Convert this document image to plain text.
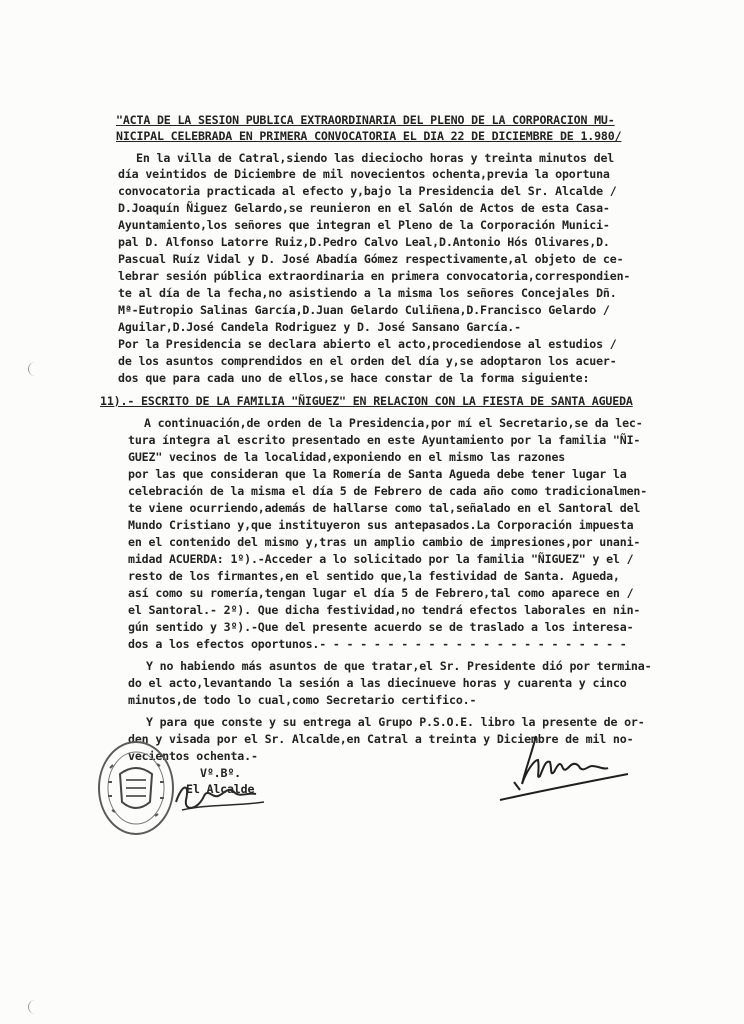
"ACTA DE LA SESION PUBLICA EXTRAORDINARIA DEL PLENO DE LA CORPORACION MU-
NICIPAL CELEBRADA EN PRIMERA CONVOCATORIA EL DIA 22 DE DICIEMBRE DE 1.980/
En la villa de Catral,siendo las dieciocho horas y treinta minutos del
día veintidos de Diciembre de mil novecientos ochenta,previa la oportuna
convocatoria practicada al efecto y,bajo la Presidencia del Sr. Alcalde /
D.Joaquín Ñiguez Gelardo,se reunieron en el Salón de Actos de esta Casa-
Ayuntamiento,los señores que integran el Pleno de la Corporación Munici-
pal D. Alfonso Latorre Ruiz,D.Pedro Calvo Leal,D.Antonio Hós Olivares,D.
Pascual Ruíz Vidal y D. José Abadía Gómez respectivamente,al objeto de ce-
lebrar sesión pública extraordinaria en primera convocatoria,correspondien-
te al día de la fecha,no asistiendo a la misma los señores Concejales Dñ.
Mª-Eutropio Salinas García,D.Juan Gelardo Culiñena,D.Francisco Gelardo /
Aguilar,D.José Candela Rodriguez y D. José Sansano García.-
Por la Presidencia se declara abierto el acto,procediendose al estudios /
de los asuntos comprendidos en el orden del día y,se adoptaron los acuer-
dos que para cada uno de ellos,se hace constar de la forma siguiente:
11).- ESCRITO DE LA FAMILIA "ÑIGUEZ" EN RELACION CON LA FIESTA DE SANTA AGUEDA
A continuación,de orden de la Presidencia,por mí el Secretario,se da lec-
tura íntegra al escrito presentado en este Ayuntamiento por la familia "ÑI-
GUEZ" vecinos de la localidad,exponiendo en el mismo las razones
por las que consideran que la Romería de Santa Agueda debe tener lugar la
celebración de la misma el día 5 de Febrero de cada año como tradicionalmen-
te viene ocurriendo,además de hallarse como tal,señalado en el Santoral del
Mundo Cristiano y,que instituyeron sus antepasados.La Corporación impuesta
en el contenido del mismo y,tras un amplio cambio de impresiones,por unani-
midad ACUERDA: 1º).-Acceder a lo solicitado por la familia "ÑIGUEZ" y el /
resto de los firmantes,en el sentido que,la festividad de Santa. Agueda,
así como su romería,tengan lugar el día 5 de Febrero,tal como aparece en /
el Santoral.- 2º). Que dicha festividad,no tendrá efectos laborales en nin-
gún sentido y 3º).-Que del presente acuerdo se de traslado a los interesa-
dos a los efectos oportunos.- - - - - - - - - - - - - - - - - - - - - - -
Y no habiendo más asuntos de que tratar,el Sr. Presidente dió por termina-
do el acto,levantando la sesión a las diecinueve horas y cuarenta y cinco
minutos,de todo lo cual,como Secretario certifico.-
Y para que conste y su entrega al Grupo P.S.O.E. libro la presente de or-
den y visada por el Sr. Alcalde,en Catral a treinta y Diciembre de mil no-
vecientos ochenta.-
Vº.Bº.
El Alcalde
